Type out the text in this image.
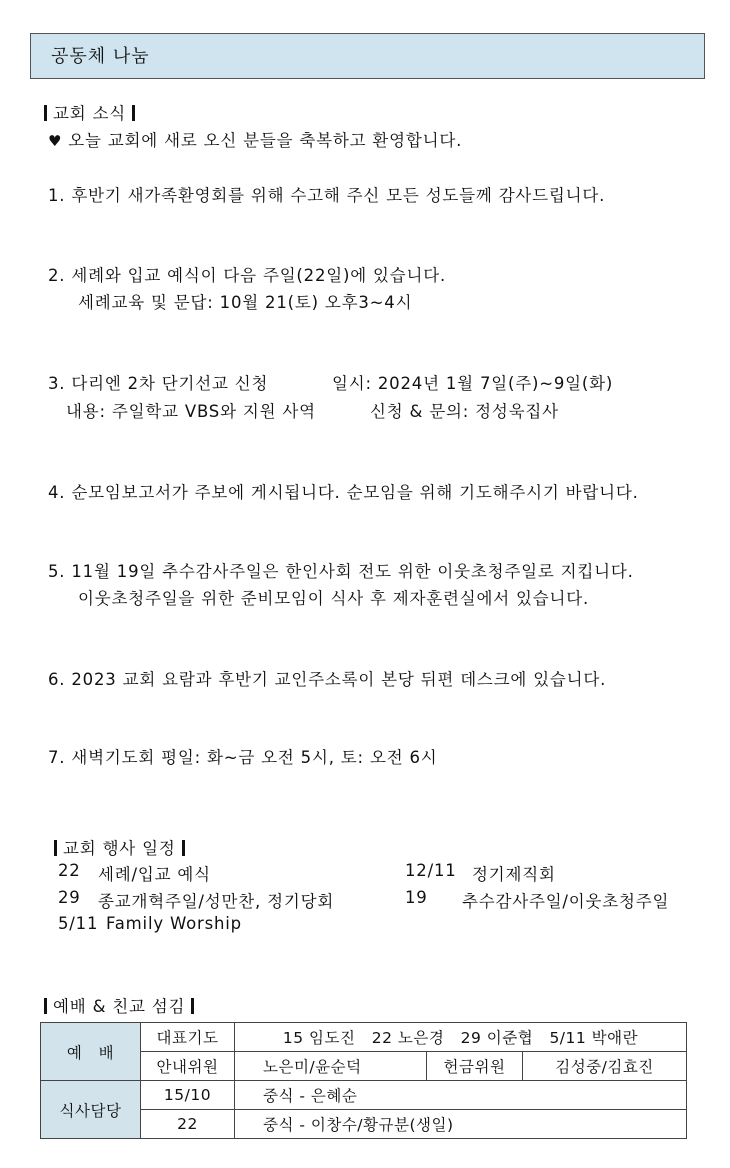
공동체 나눔
교회 소식
♥ 오늘 교회에 새로 오신 분들을 축복하고 환영합니다.
1. 후반기 새가족환영회를 위해 수고해 주신 모든 성도들께 감사드립니다.
2. 세례와 입교 예식이 다음 주일(22일)에 있습니다.
세례교육 및 문답: 10월 21(토) 오후3~4시
3. 다리엔 2차 단기선교 신청	일시: 2024년 1월 7일(주)~9일(화)
내용: 주일학교 VBS와 지원 사역	신청 & 문의: 정성욱집사
4. 순모임보고서가 주보에 게시됩니다. 순모임을 위해 기도해주시기 바랍니다.
5. 11월 19일 추수감사주일은 한인사회 전도 위한 이웃초청주일로 지킵니다.
이웃초청주일을 위한 준비모임이 식사 후 제자훈련실에서 있습니다.
6. 2023 교회 요람과 후반기 교인주소록이 본당 뒤편 데스크에 있습니다.
7. 새벽기도회 평일: 화~금 오전 5시, 토: 오전 6시
교회 행사 일정
22 세례/입교 예식	12/11 정기제직회
29 종교개혁주일/성만찬, 정기당회	19 추수감사주일/이웃초청주일
5/11 Family Worship
예배 & 친교 섬김
예   배	대표기도	15 임도진   22 노은경   29 이준협   5/11 박애란		
	안내위원	노은미/윤순덕	헌금위원	김성중/김효진
식사담당	15/10	중식 - 은혜순		
	22	중식 - 이창수/황규분(생일)		
